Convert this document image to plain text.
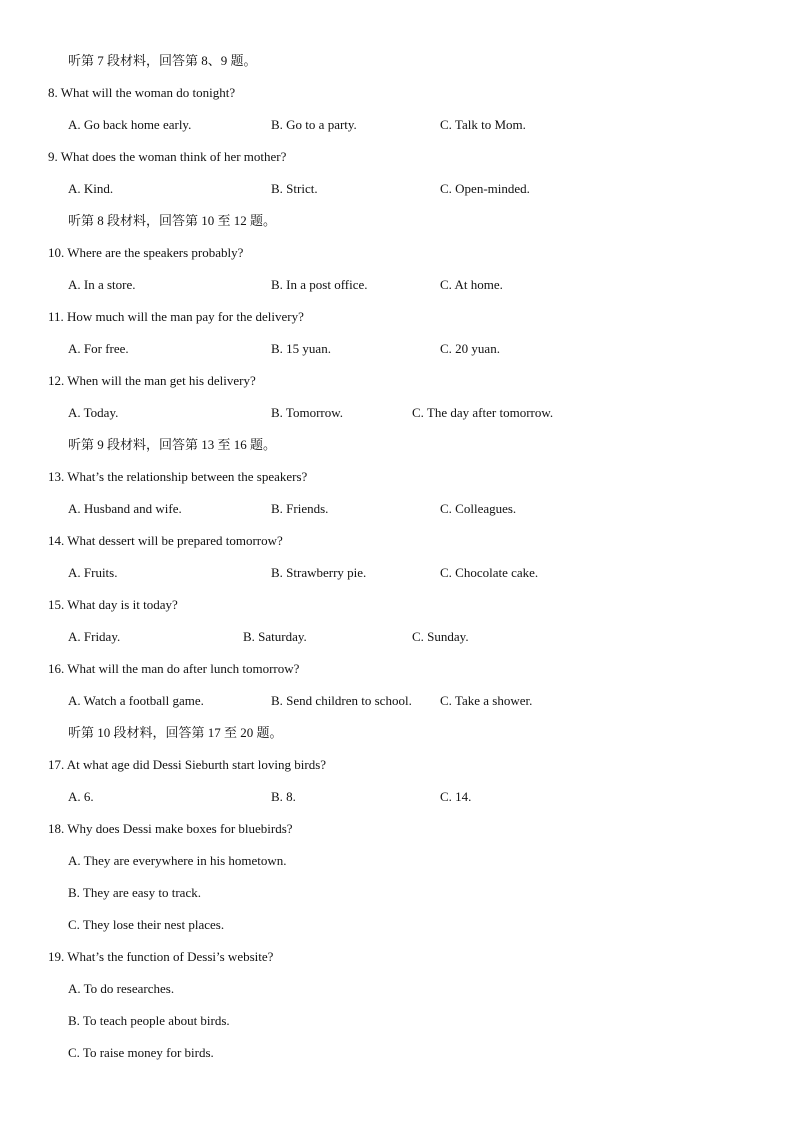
听第 7 段材料，回答第 8、9 题。
8. What will the woman do tonight?
A. Go back home early.	B. Go to a party.	C. Talk to Mom.
9. What does the woman think of her mother?
A. Kind.	B. Strict.	C. Open-minded.
听第 8 段材料，回答第 10 至 12 题。
10. Where are the speakers probably?
A. In a store.	B. In a post office.	C. At home.
11. How much will the man pay for the delivery?
A. For free.	B. 15 yuan.	C. 20 yuan.
12. When will the man get his delivery?
A. Today.	B. Tomorrow.	C. The day after tomorrow.
听第 9 段材料，回答第 13 至 16 题。
13. What’s the relationship between the speakers?
A. Husband and wife.	B. Friends.	C. Colleagues.
14. What dessert will be prepared tomorrow?
A. Fruits.	B. Strawberry pie.	C. Chocolate cake.
15. What day is it today?
A. Friday.	B. Saturday.	C. Sunday.
16. What will the man do after lunch tomorrow?
A. Watch a football game.	B. Send children to school. C. Take a shower.
听第 10 段材料，回答第 17 至 20 题。
17. At what age did Dessi Sieburth start loving birds?
A. 6.	B. 8.	C. 14.
18. Why does Dessi make boxes for bluebirds?
A. They are everywhere in his hometown.
B. They are easy to track.
C. They lose their nest places.
19. What’s the function of Dessi’s website?
A. To do researches.
B. To teach people about birds.
C. To raise money for birds.
